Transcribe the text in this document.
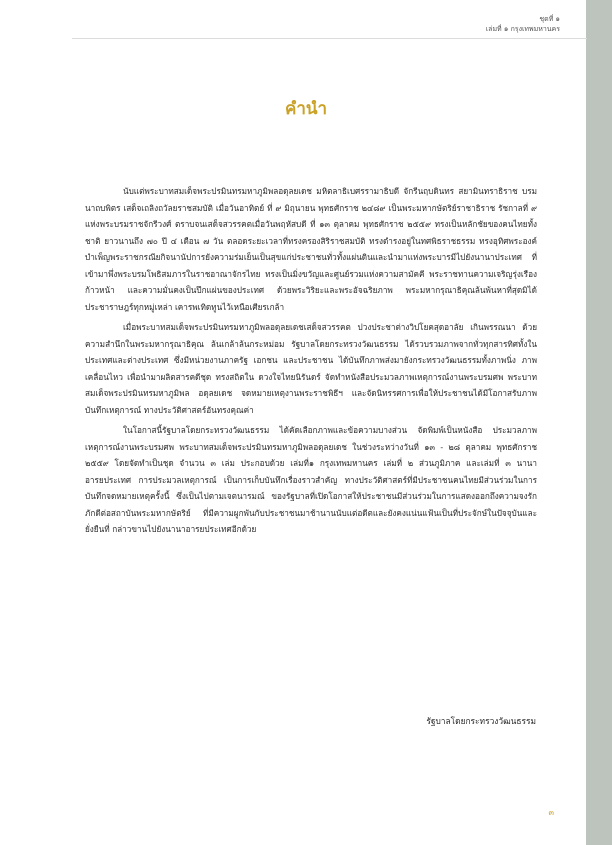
ชุดที่ ๑
เล่มที่ ๑ กรุงเทพมหานคร
คำนำ

นับแต่พระบาทสมเด็จพระปรมินทรมหาภูมิพลอดุลยเดช มหิตลาธิเบศรรามาธิบดี จักรีนฤบดินทร สยามินทราธิราช บรมนาถบพิตร เสด็จเถลิงถวัลยราชสมบัติ เมื่อวันอาทิตย์ ที่ ๙ มิถุนายน พุทธศักราช ๒๔๘๙ เป็นพระมหากษัตริย์ราชาธิราช รัชกาลที่ ๙ แห่งพระบรมราชจักรีวงศ์ ตราบจนเสด็จสวรรคตเมื่อวันพฤหัสบดี ที่ ๑๓ ตุลาคม พุทธศักราช ๒๕๕๙ ทรงเป็นหลักชัยของคนไทยทั้งชาติ ยาวนานถึง ๗๐ ปี ๔ เดือน ๗ วัน ตลอดระยะเวลาที่ทรงครองสิริราชสมบัติ ทรงดำรงอยู่ในทศพิธราชธรรม ทรงอุทิศพระองค์บำเพ็ญพระราชกรณียกิจนานัปการยังความร่มเย็นเป็นสุขแก่ประชาชนทั่วทั้งแผ่นดินและนำมาแห่งพระบารมีไปยังนานาประเทศ ที่เข้ามาพึ่งพระบรมโพธิสมภารในราชอาณาจักรไทย ทรงเป็นมิ่งขวัญและศูนย์รวมแห่งความสามัคคี พระราชทานความเจริญรุ่งเรืองก้าวหน้า และความมั่นคงเป็นปึกแผ่นของประเทศ ด้วยพระวิริยะและพระอัจฉริยภาพ พระมหากรุณาธิคุณล้นพ้นหาที่สุดมิได้ ประชาราษฎร์ทุกหมู่เหล่า เคารพเทิดทูนไว้เหนือเศียรเกล้า

เมื่อพระบาทสมเด็จพระปรมินทรมหาภูมิพลอดุลยเดชเสด็จสวรรคต ปวงประชาต่างวิปโยคสุดอาลัย เกินพรรณนา ด้วยความสำนึกในพระมหากรุณาธิคุณ ล้นเกล้าล้นกระหม่อม รัฐบาลโดยกระทรวงวัฒนธรรม ได้รวบรวมภาพจากทั่วทุกสารทิศทั้งในประเทศและต่างประเทศ ซึ่งมีหน่วยงานภาครัฐ เอกชน และประชาชน ได้บันทึกภาพส่งมายังกระทรวงวัฒนธรรมทั้งภาพนิ่ง ภาพเคลื่อนไหว เพื่อนำมาผลิตสารคดีชุด ทรงสถิตใน ดวงใจไทยนิรันดร์ จัดทำหนังสือประมวลภาพเหตุการณ์งานพระบรมศพ พระบาทสมเด็จพระปรมินทรมหาภูมิพล อดุลยเดช จดหมายเหตุงานพระราชพิธีฯ และจัดนิทรรศการเพื่อให้ประชาชนได้มีโอกาสรับภาพบันทึกเหตุการณ์ ทางประวัติศาสตร์อันทรงคุณค่า

ในโอกาสนี้รัฐบาลโดยกระทรวงวัฒนธรรม ได้คัดเลือกภาพและข้อความบางส่วน จัดพิมพ์เป็นหนังสือ ประมวลภาพเหตุการณ์งานพระบรมศพ พระบาทสมเด็จพระปรมินทรมหาภูมิพลอดุลยเดช ในช่วงระหว่างวันที่ ๑๓ - ๒๘ ตุลาคม พุทธศักราช ๒๕๕๙ โดยจัดทำเป็นชุด จำนวน ๓ เล่ม ประกอบด้วย เล่มที่๑ กรุงเทพมหานคร เล่มที่ ๒ ส่วนภูมิภาค และเล่มที่ ๓ นานาอารยประเทศ การประมวลเหตุการณ์ เป็นการเก็บบันทึกเรื่องราวสำคัญ ทางประวัติศาสตร์ที่มีประชาชนคนไทยมีส่วนร่วมในการบันทึกจดหมายเหตุครั้งนี้ ซึ่งเป็นไปตามเจตนารมณ์ ของรัฐบาลที่เปิดโอกาสให้ประชาชนมีส่วนร่วมในการแสดงออกถึงความจงรักภักดีต่อสถาบันพระมหากษัตริย์ ที่มีความผูกพันกับประชาชนมาช้านานนับแต่อดีตและยังคงแน่นแฟ้นเป็นที่ประจักษ์ในปัจจุบันและยั่งยืนที่ กล่าวขานไปยังนานาอารยประเทศอีกด้วย

รัฐบาลโดยกระทรวงวัฒนธรรม
๓
